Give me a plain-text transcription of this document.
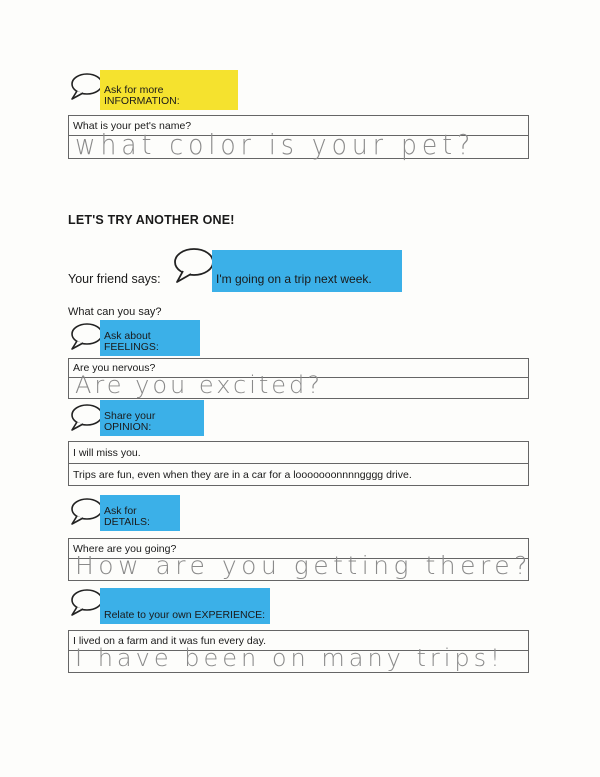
Ask for more INFORMATION:
What is your pet's name?
what color is your pet?
LET'S TRY ANOTHER ONE!
Your friend says:	I'm going on a trip next week.
What can you say?
Ask about FEELINGS:
Are you nervous?
Are you excited?
Share your OPINION:
I will miss you.
Trips are fun, even when they are in a car for a looooooonnnngggg drive.
Ask for DETAILS:
Where are you going?
How are you getting there?
Relate to your own EXPERIENCE:
I lived on a farm and it was fun every day.
I have been on many trips!
